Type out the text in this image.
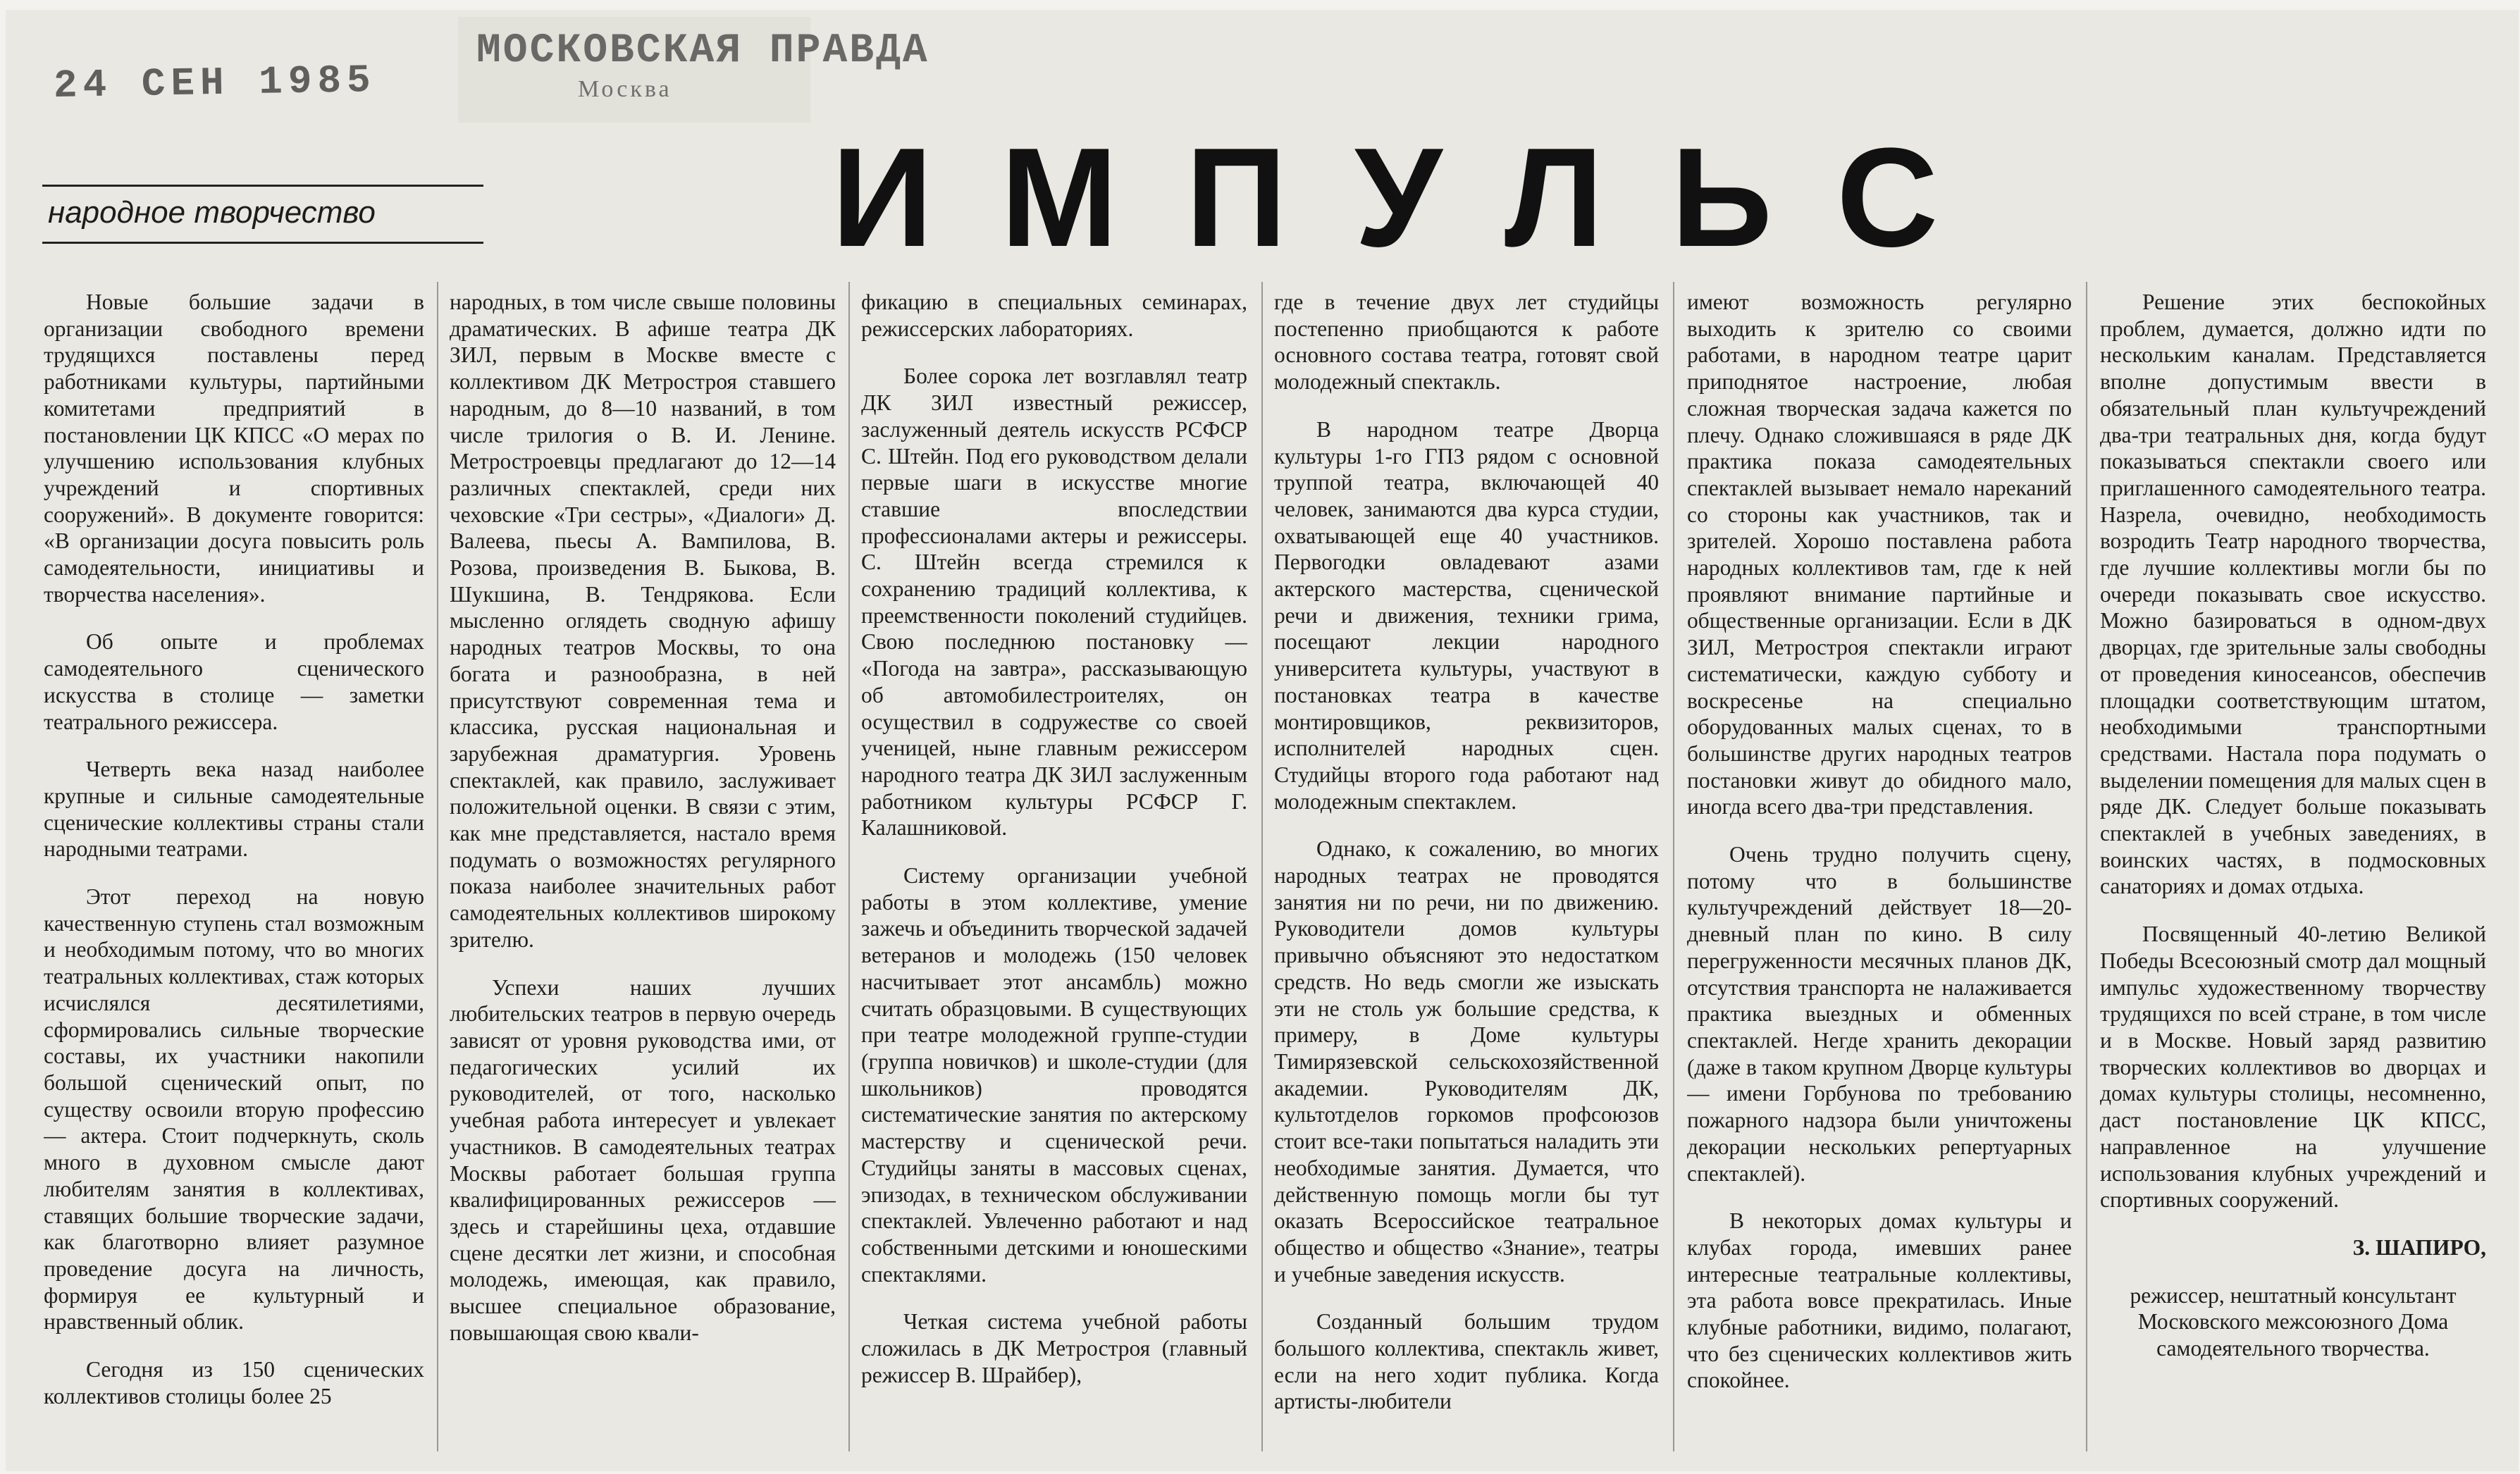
24 СЕН 1985
МОСКОВСКАЯ ПРАВДА
Москва
народное творчество	ИМПУЛЬС

Новые большие задачи в организации свободного времени трудящихся поставлены перед работниками культуры, партийными комитетами предприятий в постановлении ЦК КПСС «О мерах по улучшению использования клубных учреждений и спортивных сооружений». В документе говорится: «В организации досуга повысить роль самодеятельности, инициативы и творчества населения».

Об опыте и проблемах самодеятельного сценического искусства в столице — заметки театрального режиссера.

Четверть века назад наиболее крупные и сильные самодеятельные сценические коллективы страны стали народными театрами.

Этот переход на новую качественную ступень стал возможным и необходимым потому, что во многих театральных коллективах, стаж которых исчислялся десятилетиями, сформировались сильные творческие составы, их участники накопили большой сценический опыт, по существу освоили вторую профессию — актера. Стоит подчеркнуть, сколь много в духовном смысле дают любителям занятия в коллективах, ставящих большие творческие задачи, как благотворно влияет разумное проведение досуга на личность, формируя ее культурный и нравственный облик.

Сегодня из 150 сценических коллективов столицы более 25

народных, в том числе свыше половины драматических. В афише театра ДК ЗИЛ, первым в Москве вместе с коллективом ДК Метростроя ставшего народным, до 8—10 названий, в том числе трилогия о В. И. Ленине. Метростроевцы предлагают до 12—14 различных спектаклей, среди них чеховские «Три сестры», «Диалоги» Д. Валеева, пьесы А. Вампилова, В. Розова, произведения В. Быкова, В. Шукшина, В. Тендрякова. Если мысленно оглядеть сводную афишу народных театров Москвы, то она богата и разнообразна, в ней присутствуют современная тема и классика, русская национальная и зарубежная драматургия. Уровень спектаклей, как правило, заслуживает положительной оценки. В связи с этим, как мне представляется, настало время подумать о возможностях регулярного показа наиболее значительных работ самодеятельных коллективов широкому зрителю.

Успехи наших лучших любительских театров в первую очередь зависят от уровня руководства ими, от педагогических усилий их руководителей, от того, насколько учебная работа интересует и увлекает участников. В самодеятельных театрах Москвы работает большая группа квалифицированных режиссеров — здесь и старейшины цеха, отдавшие сцене десятки лет жизни, и способная молодежь, имеющая, как правило, высшее специальное образование, повышающая свою квали-

фикацию в специальных семинарах, режиссерских лабораториях.

Более сорока лет возглавлял театр ДК ЗИЛ известный режиссер, заслуженный деятель искусств РСФСР С. Штейн. Под его руководством делали первые шаги в искусстве многие ставшие впоследствии профессионалами актеры и режиссеры. С. Штейн всегда стремился к сохранению традиций коллектива, к преемственности поколений студийцев. Свою последнюю постановку — «Погода на завтра», рассказывающую об автомобилестроителях, он осуществил в содружестве со своей ученицей, ныне главным режиссером народного театра ДК ЗИЛ заслуженным работником культуры РСФСР Г. Калашниковой.

Систему организации учебной работы в этом коллективе, умение зажечь и объединить творческой задачей ветеранов и молодежь (150 человек насчитывает этот ансамбль) можно считать образцовыми. В существующих при театре молодежной группе-студии (группа новичков) и школе-студии (для школьников) проводятся систематические занятия по актерскому мастерству и сценической речи. Студийцы заняты в массовых сценах, эпизодах, в техническом обслуживании спектаклей. Увлеченно работают и над собственными детскими и юношескими спектаклями.

Четкая система учебной работы сложилась в ДК Метростроя (главный режиссер В. Шрайбер),

где в течение двух лет студийцы постепенно приобщаются к работе основного состава театра, готовят свой молодежный спектакль.

В народном театре Дворца культуры 1-го ГПЗ рядом с основной труппой театра, включающей 40 человек, занимаются два курса студии, охватывающей еще 40 участников. Первогодки овладевают азами актерского мастерства, сценической речи и движения, техники грима, посещают лекции народного университета культуры, участвуют в постановках театра в качестве монтировщиков, реквизиторов, исполнителей народных сцен. Студийцы второго года работают над молодежным спектаклем.

Однако, к сожалению, во многих народных театрах не проводятся занятия ни по речи, ни по движению. Руководители домов культуры привычно объясняют это недостатком средств. Но ведь смогли же изыскать эти не столь уж большие средства, к примеру, в Доме культуры Тимирязевской сельскохозяйственной академии. Руководителям ДК, культотделов горкомов профсоюзов стоит все-таки попытаться наладить эти необходимые занятия. Думается, что действенную помощь могли бы тут оказать Всероссийское театральное общество и общество «Знание», театры и учебные заведения искусств.

Созданный большим трудом большого коллектива, спектакль живет, если на него ходит публика. Когда артисты-любители

имеют возможность регулярно выходить к зрителю со своими работами, в народном театре царит приподнятое настроение, любая сложная творческая задача кажется по плечу. Однако сложившаяся в ряде ДК практика показа самодеятельных спектаклей вызывает немало нареканий со стороны как участников, так и зрителей. Хорошо поставлена работа народных коллективов там, где к ней проявляют внимание партийные и общественные организации. Если в ДК ЗИЛ, Метростроя спектакли играют систематически, каждую субботу и воскресенье на специально оборудованных малых сценах, то в большинстве других народных театров постановки живут до обидного мало, иногда всего два-три представления.

Очень трудно получить сцену, потому что в большинстве культучреждений действует 18—20-дневный план по кино. В силу перегруженности месячных планов ДК, отсутствия транспорта не налаживается практика выездных и обменных спектаклей. Негде хранить декорации (даже в таком крупном Дворце культуры — имени Горбунова по требованию пожарного надзора были уничтожены декорации нескольких репертуарных спектаклей).

В некоторых домах культуры и клубах города, имевших ранее интересные театральные коллективы, эта работа вовсе прекратилась. Иные клубные работники, видимо, полагают, что без сценических коллективов жить спокойнее.

Решение этих беспокойных проблем, думается, должно идти по нескольким каналам. Представляется вполне допустимым ввести в обязательный план культучреждений два-три театральных дня, когда будут показываться спектакли своего или приглашенного самодеятельного театра. Назрела, очевидно, необходимость возродить Театр народного творчества, где лучшие коллективы могли бы по очереди показывать свое искусство. Можно базироваться в одном-двух дворцах, где зрительные залы свободны от проведения киносеансов, обеспечив площадки соответствующим штатом, необходимыми транспортными средствами. Настала пора подумать о выделении помещения для малых сцен в ряде ДК. Следует больше показывать спектаклей в учебных заведениях, в воинских частях, в подмосковных санаториях и домах отдыха.

Посвященный 40-летию Великой Победы Всесоюзный смотр дал мощный импульс художественному творчеству трудящихся по всей стране, в том числе и в Москве. Новый заряд развитию творческих коллективов во дворцах и домах культуры столицы, несомненно, даст постановление ЦК КПСС, направленное на улучшение использования клубных учреждений и спортивных сооружений.

З. ШАПИРО,

режиссер, нештатный консультант Московского межсоюзного Дома самодеятельного творчества.
